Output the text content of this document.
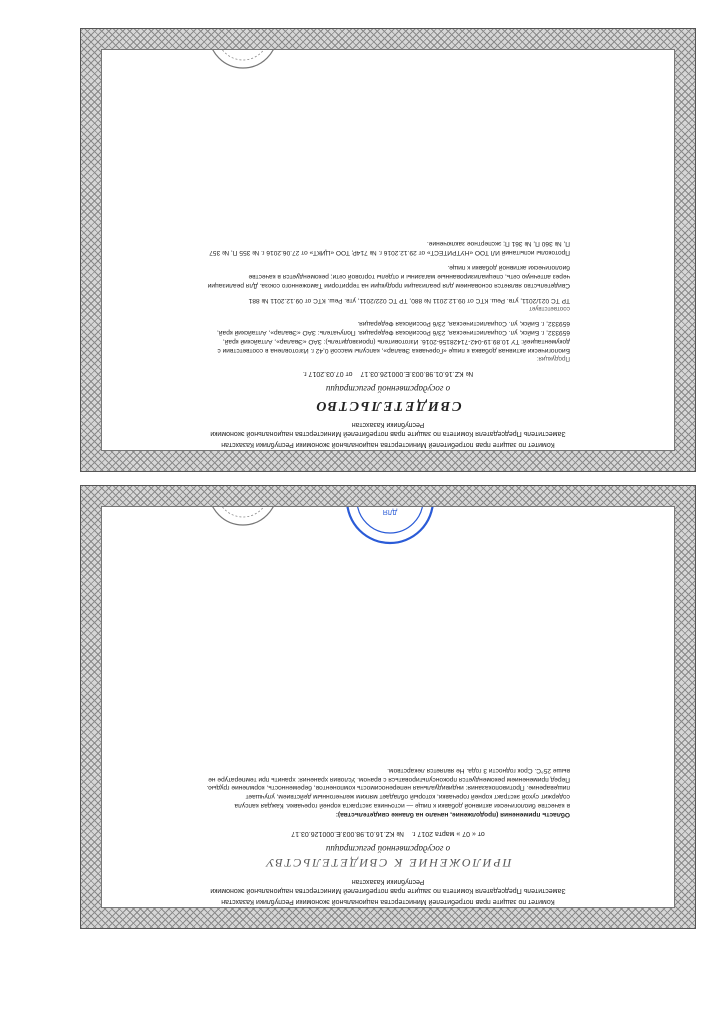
Комитет по защите прав потребителей Министерства национальной экономики Республики Казахстан
Заместитель Председателя Комитета по защите прав потребителей Министерства национальной экономики Республики Казахстан
СВИДЕТЕЛЬСТВО
о государственной регистрации
№ KZ.16.01.98.003.Е.000126.03.17
от 07.03.2017 г.
Продукция:
Биологически активная добавка к пище «Горечавка Эвалар», капсулы массой 0,42 г. Изготовлена в соответствии с документацией: ТУ 10.89.19-042-71428156-2016. Изготовитель (производитель): ЗАО «Эвалар», Алтайский край, 659332, г. Бийск, ул. Социалистическая, 23/6 Российская Федерация. Получатель: ЗАО «Эвалар», Алтайский край, 659332, г. Бийск, ул. Социалистическая, 23/6 Российская Федерация.
соответствует
ТР ТС 021/2011, утв. Реш. КТС от 09.12.2011 № 880, ТР ТС 022/2011, утв. Реш. КТС от 09.12.2011 № 881
Свидетельство является основанием для реализации продукции на территории Таможенного союза. Для реализации через аптечную сеть, специализированные магазины и отделы торговой сети; рекомендуется в качестве биологически активной добавки к пище.
Протоколы испытаний ИЛ ТОО «НУТРИТЕСТ» от 29.12.2016 г. № 714Р, ТОО «ЦИКТ» от 27.06.2016 г. № 355 П, № 357 П, № 360 П, № 361 П; экспертное заключение.
Комитет по защите прав потребителей Министерства национальной экономики Республики Казахстан
Заместитель Председателя Комитета по защите прав потребителей Министерства национальной экономики Республики Казахстан
ПРИЛОЖЕНИЕ К СВИДЕТЕЛЬСТВУ
о государственной регистрации
от « 07 » марта 2017 г.
№ KZ.16.01.98.003.Е.000126.03.17
Область применения (продолжение, начало на бланке свидетельства):
в качестве биологически активной добавки к пище — источника экстракта корней горечавки. Каждая капсула содержит сухой экстракт корней горечавки, который обладает мягким желчегонным действием, улучшает пищеварение. Противопоказания: индивидуальная непереносимость компонентов, беременность, кормление грудью. Перед применением рекомендуется проконсультироваться с врачом. Условия хранения: хранить при температуре не выше 25°С. Срок годности 3 года. Не является лекарством.
ДЛЯ
